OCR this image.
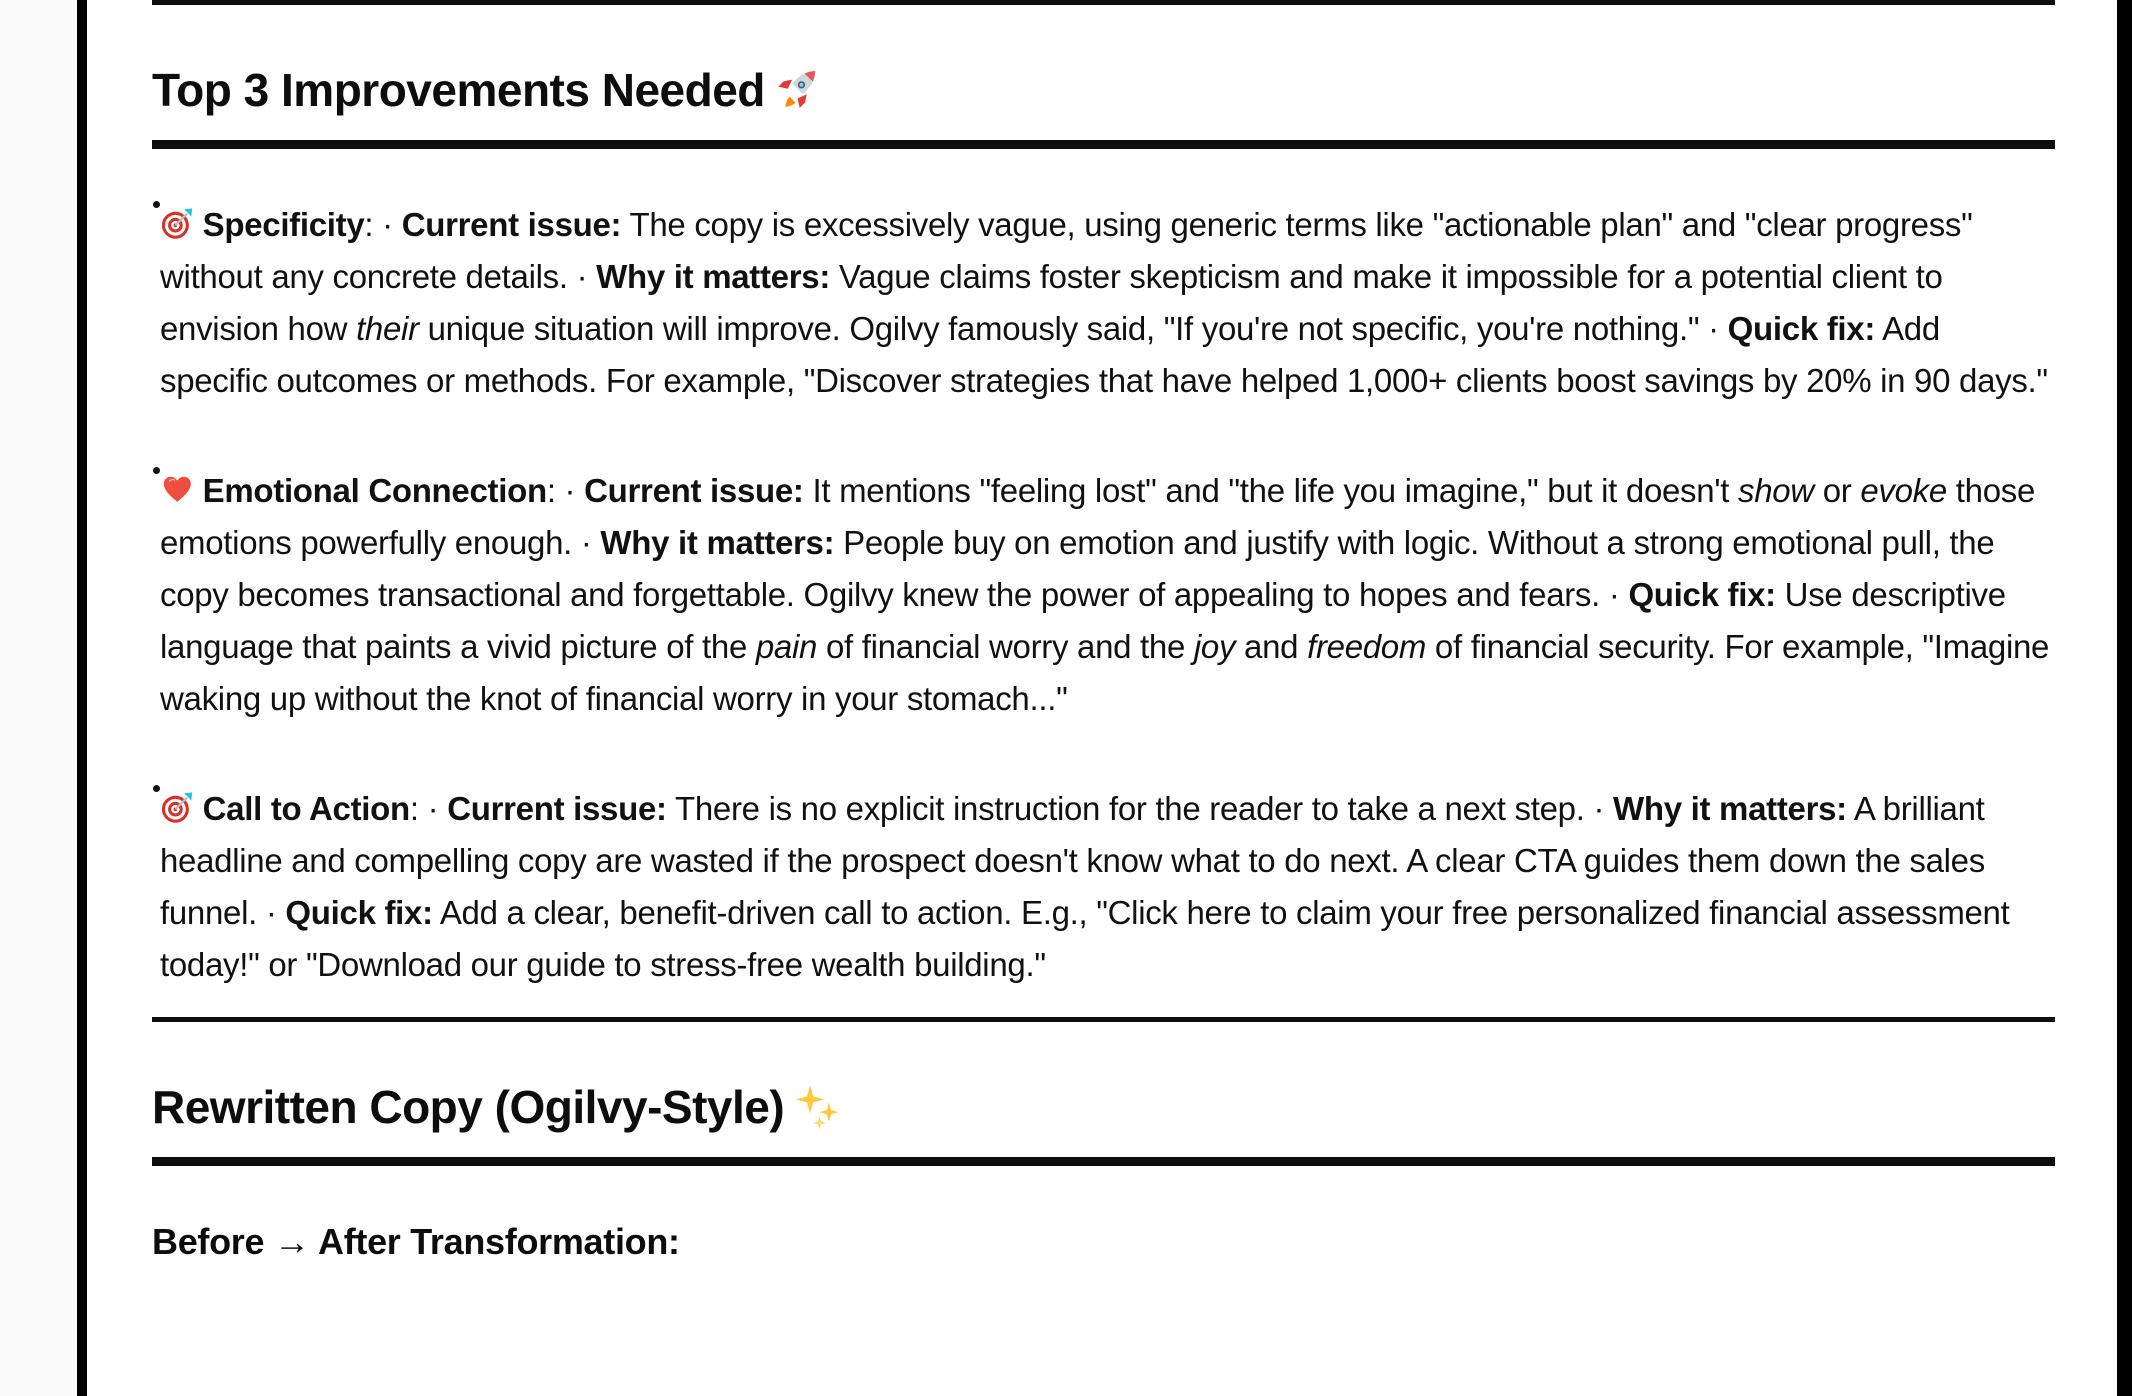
Top 3 Improvements Needed

Specificity: · Current issue: The copy is excessively vague, using generic terms like "actionable plan" and "clear progress" without any concrete details. · Why it matters: Vague claims foster skepticism and make it impossible for a potential client to envision how their unique situation will improve. Ogilvy famously said, "If you're not specific, you're nothing." · Quick fix: Add specific outcomes or methods. For example, "Discover strategies that have helped 1,000+ clients boost savings by 20% in 90 days."

Emotional Connection: · Current issue: It mentions "feeling lost" and "the life you imagine," but it doesn't show or evoke those emotions powerfully enough. · Why it matters: People buy on emotion and justify with logic. Without a strong emotional pull, the copy becomes transactional and forgettable. Ogilvy knew the power of appealing to hopes and fears. · Quick fix: Use descriptive language that paints a vivid picture of the pain of financial worry and the joy and freedom of financial security. For example, "Imagine waking up without the knot of financial worry in your stomach..."

Call to Action: · Current issue: There is no explicit instruction for the reader to take a next step. · Why it matters: A brilliant headline and compelling copy are wasted if the prospect doesn't know what to do next. A clear CTA guides them down the sales funnel. · Quick fix: Add a clear, benefit-driven call to action. E.g., "Click here to claim your free personalized financial assessment today!" or "Download our guide to stress-free wealth building."

Rewritten Copy (Ogilvy-Style)
Before → After Transformation:
